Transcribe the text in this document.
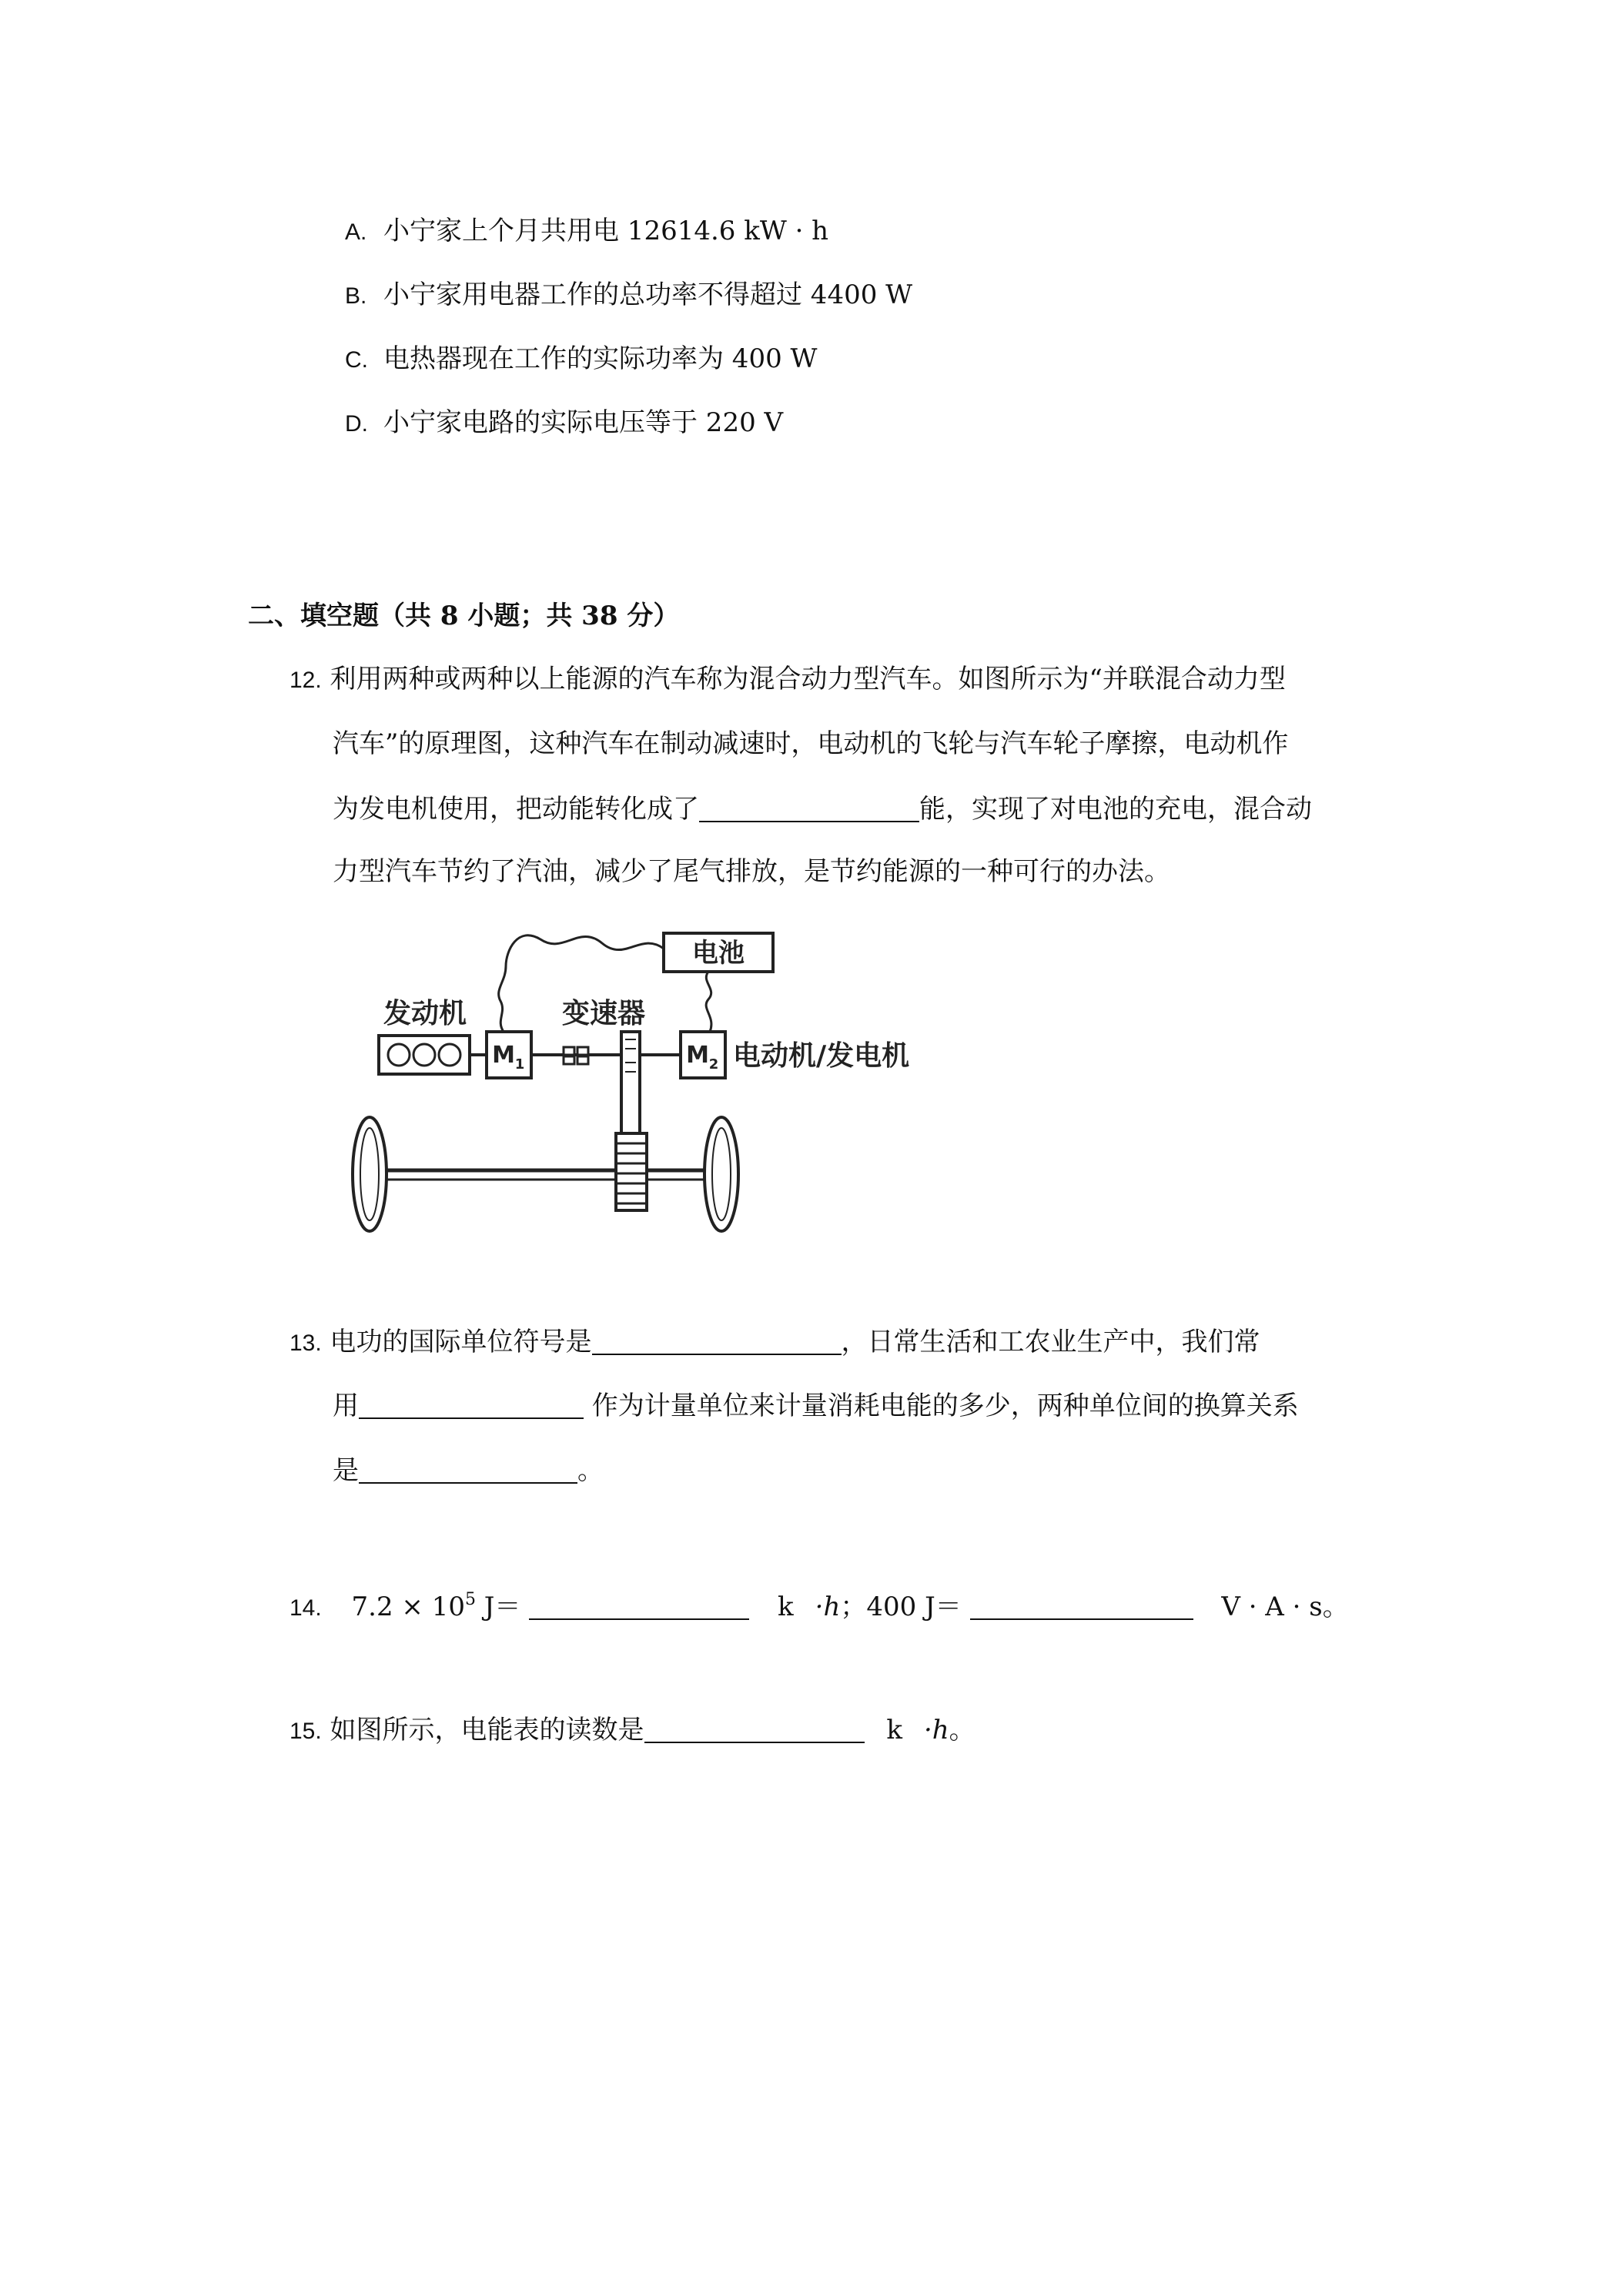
A. 小宁家上个月共用电 12614.6 kW · h
B. 小宁家用电器工作的总功率不得超过 4400 W
C. 电热器现在工作的实际功率为 400 W
D. 小宁家电路的实际电压等于 220 V
二、填空题（共 8 小题；共 38 分）
12. 利用两种或两种以上能源的汽车称为混合动力型汽车。如图所示为“并联混合动力型
汽车”的原理图，这种汽车在制动减速时，电动机的飞轮与汽车轮子摩擦，电动机作
为发电机使用，把动能转化成了	能，实现了对电池的充电，混合动
力型汽车节约了汽油，减少了尾气排放，是节约能源的一种可行的办法。
电池
发动机
M 1
变速器
M 2 电动机/发电机
13. 电功的国际单位符号是	，日常生活和工农业生产中，我们常
用	作为计量单位来计量消耗电能的多少，两种单位间的换算关系
是	。
14. $7.2 \times 10^5$ J＝	k ·h；400 J＝	V · A · s。
15. 如图所示，电能表的读数是	k ·h。
